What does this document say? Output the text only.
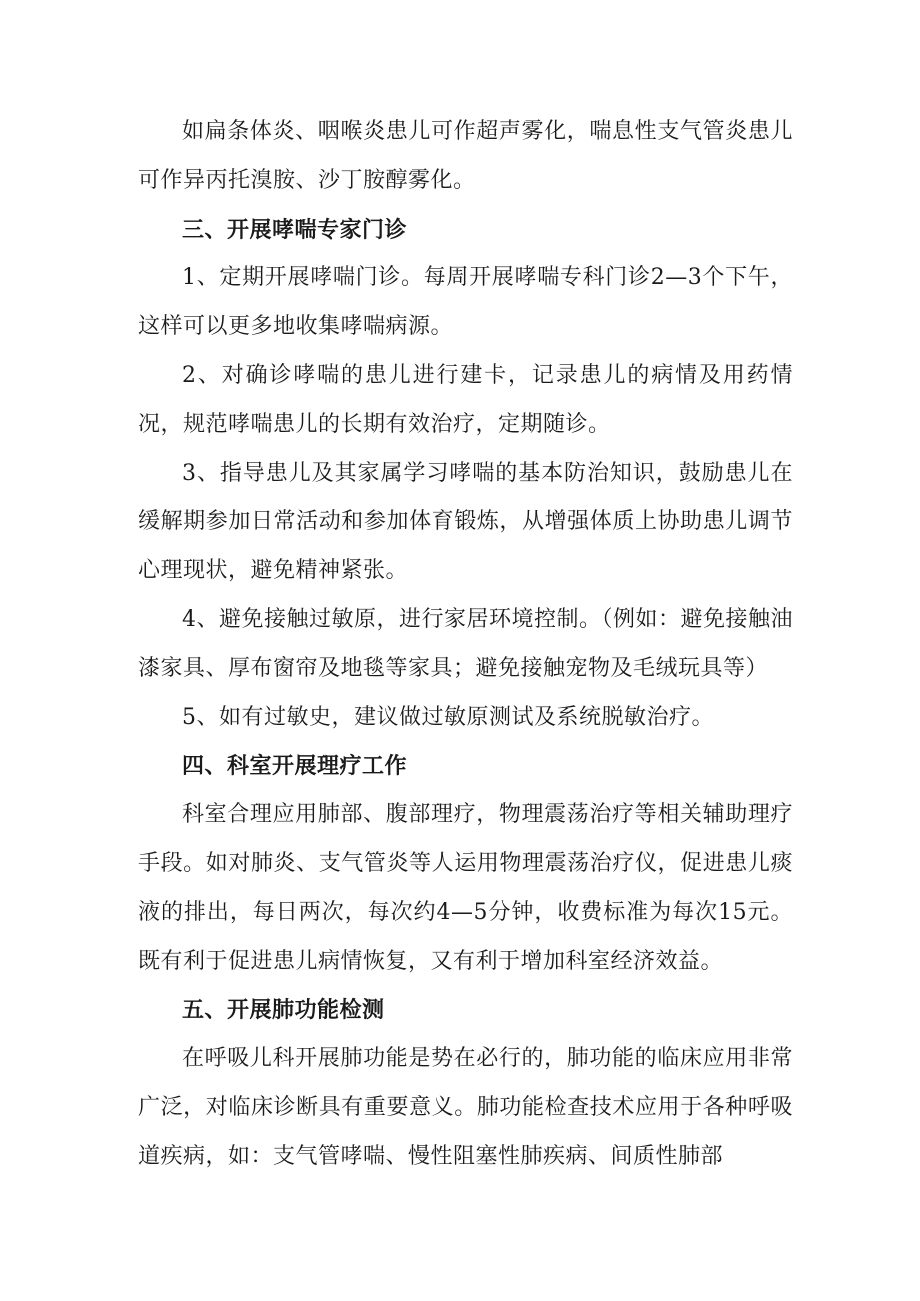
如扁条体炎、咽喉炎患儿可作超声雾化，喘息性支气管炎患儿可作异丙托溴胺、沙丁胺醇雾化。

三、开展哮喘专家门诊

1、定期开展哮喘门诊。每周开展哮喘专科门诊2—3个下午，这样可以更多地收集哮喘病源。

2、对确诊哮喘的患儿进行建卡，记录患儿的病情及用药情况，规范哮喘患儿的长期有效治疗，定期随诊。

3、指导患儿及其家属学习哮喘的基本防治知识，鼓励患儿在缓解期参加日常活动和参加体育锻炼，从增强体质上协助患儿调节心理现状，避免精神紧张。

4、避免接触过敏原，进行家居环境控制。（例如：避免接触油漆家具、厚布窗帘及地毯等家具；避免接触宠物及毛绒玩具等）

5、如有过敏史，建议做过敏原测试及系统脱敏治疗。

四、科室开展理疗工作

科室合理应用肺部、腹部理疗，物理震荡治疗等相关辅助理疗手段。如对肺炎、支气管炎等人运用物理震荡治疗仪，促进患儿痰液的排出，每日两次，每次约4—5分钟，收费标准为每次15元。既有利于促进患儿病情恢复，又有利于增加科室经济效益。

五、开展肺功能检测

在呼吸儿科开展肺功能是势在必行的，肺功能的临床应用非常广泛，对临床诊断具有重要意义。肺功能检查技术应用于各种呼吸道疾病，如：支气管哮喘、慢性阻塞性肺疾病、间质性肺部
